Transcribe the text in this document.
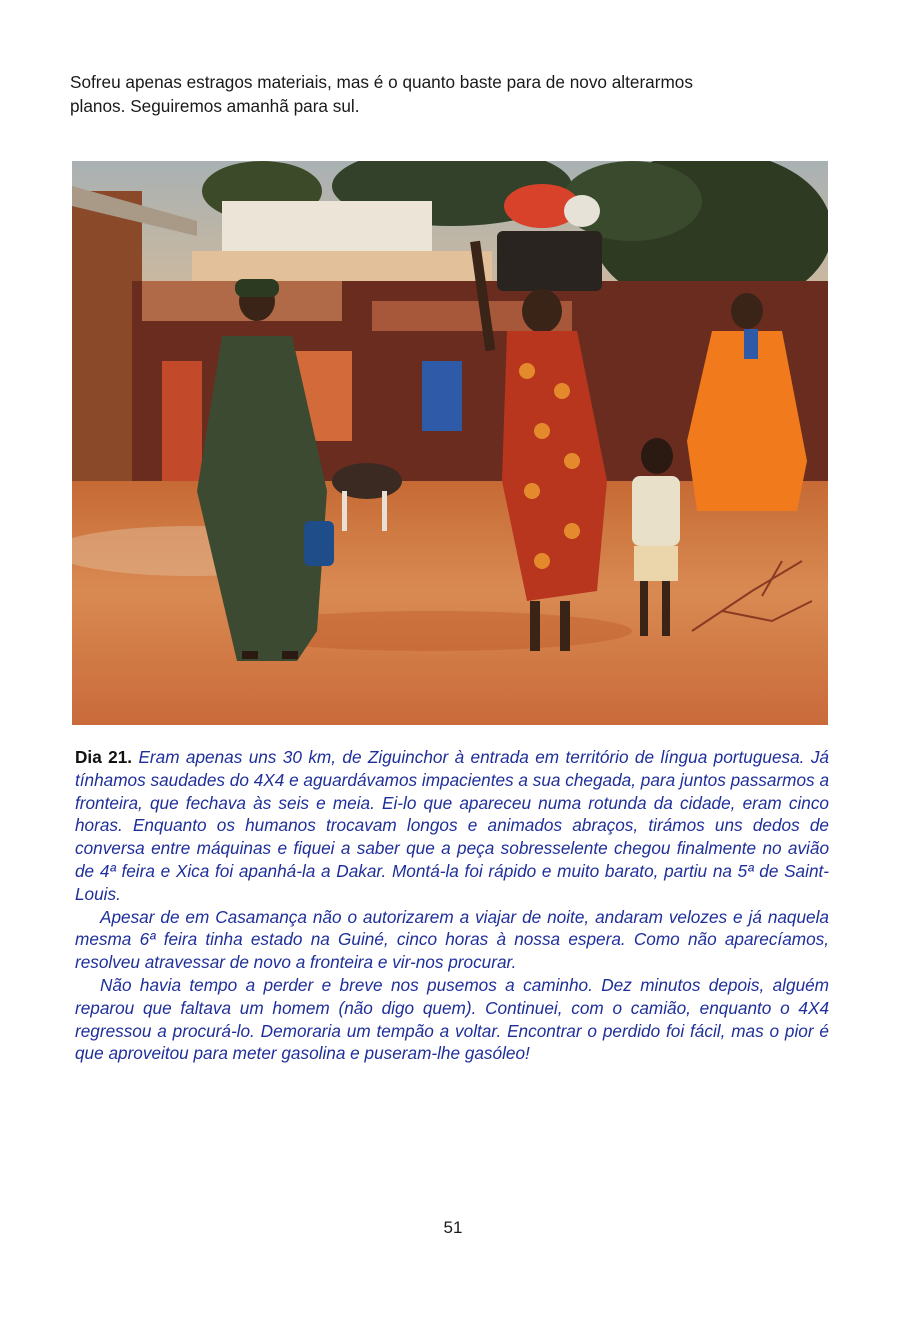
Sofreu apenas estragos materiais, mas é o quanto baste para de novo alterarmos
planos. Seguiremos amanhã para sul.

Dia 21. Eram apenas uns 30 km, de Ziguinchor à entrada em território de língua portuguesa. Já tínhamos saudades do 4X4 e aguardávamos impacientes a sua chegada, para juntos passarmos a fronteira, que fechava às seis e meia. Ei-lo que apareceu numa rotunda da cidade, eram cinco horas. Enquanto os humanos trocavam longos e animados abraços, tirámos uns dedos de conversa entre máquinas e fiquei a saber que a peça sobresselente chegou finalmente no avião de 4ª feira e Xica foi apanhá-la a Dakar. Montá-la foi rápido e muito barato, partiu na 5ª de Saint-Louis.

Apesar de em Casamança não o autorizarem a viajar de noite, andaram velozes e já naquela mesma 6ª feira tinha estado na Guiné, cinco horas à nossa espera. Como não aparecíamos, resolveu atravessar de novo a fronteira e vir-nos procurar.

Não havia tempo a perder e breve nos pusemos a caminho. Dez minutos depois, alguém reparou que faltava um homem (não digo quem). Continuei, com o camião, enquanto o 4X4 regressou a procurá-lo. Demoraria um tempão a voltar. Encontrar o perdido foi fácil, mas o pior é que aproveitou para meter gasolina e puseram-lhe gasóleo!

51
